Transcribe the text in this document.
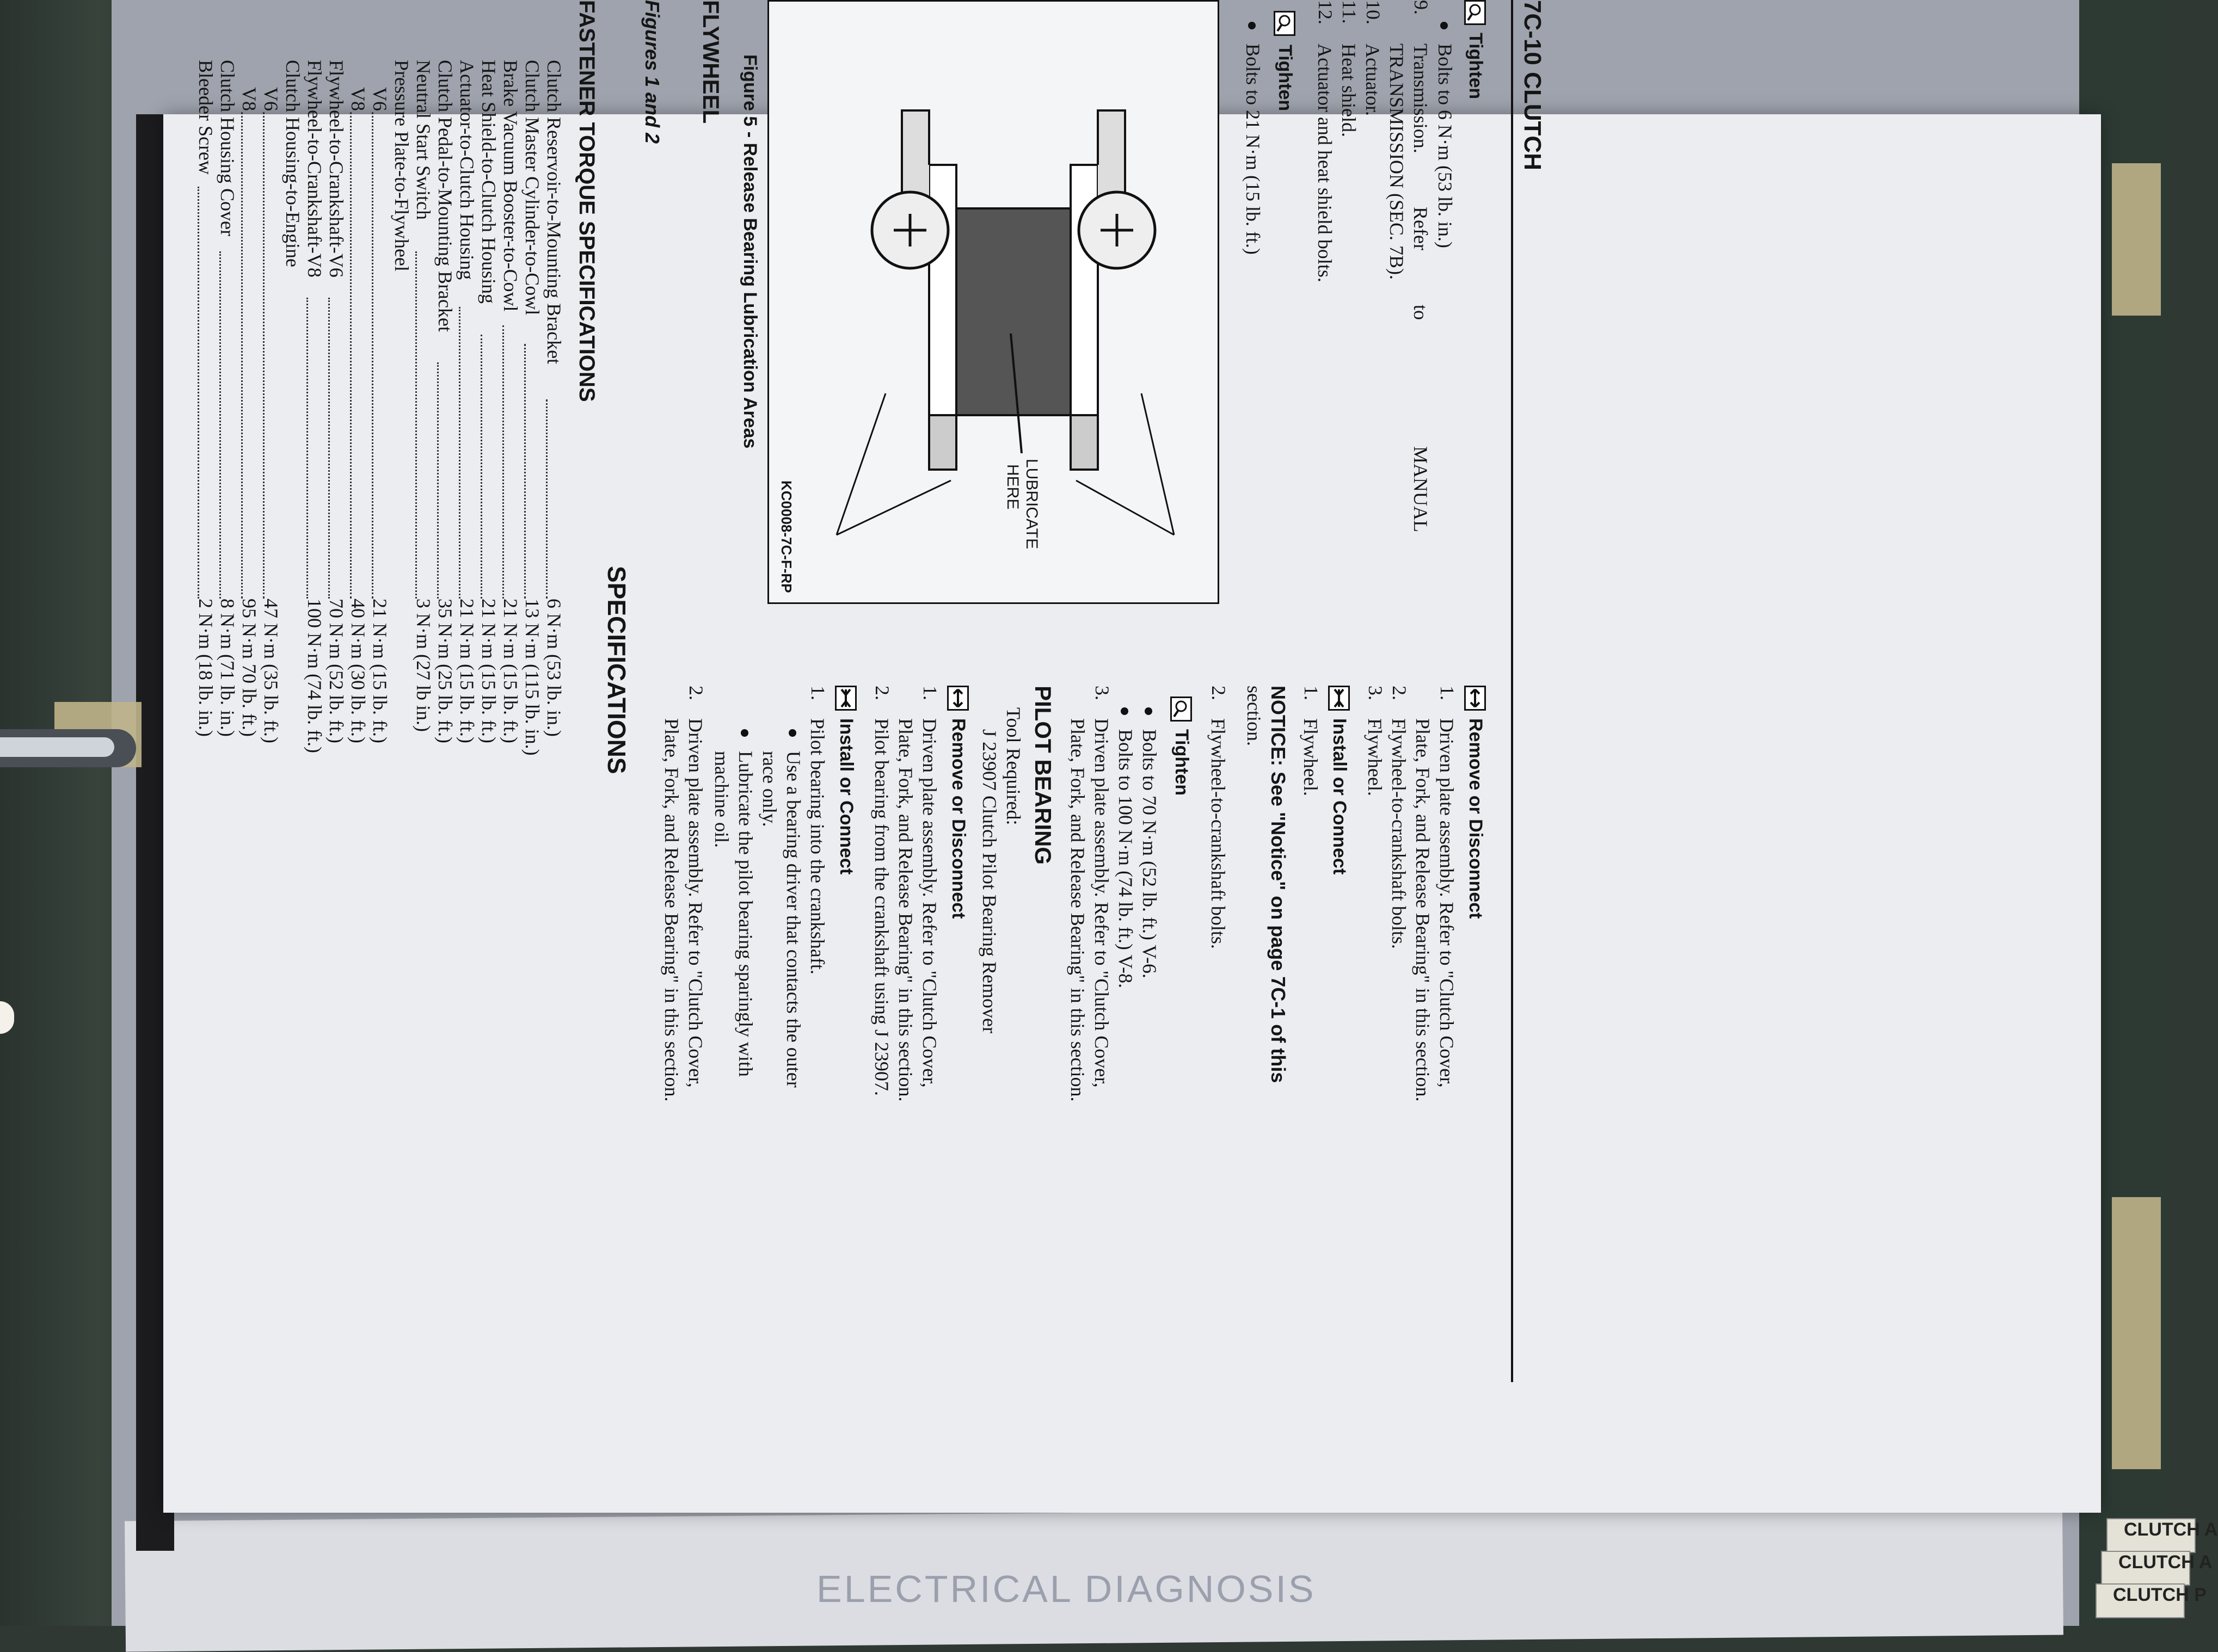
ELECTRICAL DIAGNOSIS
CLUTCH A
CLUTCH A
CLUTCH P
7C-10 CLUTCH
Tighten
Bolts to 6 N·m (53 lb. in.)
9.
Transmission.
Refer
to
MANUAL
TRANSMISSION (SEC. 7B).
10.
Actuator.
11.
Heat shield.
12.
Actuator and heat shield bolts.
Tighten
Bolts to 21 N·m (15 lb. ft.)
LUBRICATE
HERE
KC0008-7C-F-RP
Figure 5 - Release Bearing Lubrication Areas
FLYWHEEL
Figures 1 and 2
Remove or Disconnect
1.
Driven plate assembly. Refer to "Clutch Cover,
Plate, Fork, and Release Bearing" in this section.
2.
Flywheel-to-crankshaft bolts.
3.
Flywheel.
Install or Connect
1.
Flywheel.
NOTICE: See "Notice" on page 7C-1 of this
section.
2.
Flywheel-to-crankshaft bolts.
Tighten
Bolts to 70 N·m (52 lb. ft.) V-6.
Bolts to 100 N·m (74 lb. ft.) V-8.
3.
Driven plate assembly. Refer to "Clutch Cover,
Plate, Fork, and Release Bearing" in this section.
PILOT BEARING
Tool Required:
J 23907 Clutch Pilot Bearing Remover
Remove or Disconnect
1.
Driven plate assembly. Refer to "Clutch Cover,
Plate, Fork, and Release Bearing" in this section.
2.
Pilot bearing from the crankshaft using J 23907.
Install or Connect
1.
Pilot bearing into the crankshaft.
Use a bearing driver that contacts the outer
race only.
Lubricate the pilot bearing sparingly with
machine oil.
2.
Driven plate assembly. Refer to "Clutch Cover,
Plate, Fork, and Release Bearing" in this section.
SPECIFICATIONS
FASTENER TORQUE SPECIFICATIONS
Clutch Reservoir-to-Mounting Bracket
6 N·m (53 lb. in.)
Clutch Master Cylinder-to-Cowl
13 N·m (115 lb. in.)
Brake Vacuum Booster-to-Cowl
21 N·m (15 lb. ft.)
Heat Shield-to-Clutch Housing
21 N·m (15 lb. ft.)
Actuator-to-Clutch Housing
21 N·m (15 lb. ft.)
Clutch Pedal-to-Mounting Bracket
35 N·m (25 lb. ft.)
Neutral Start Switch
3 N·m (27 lb in.)
Pressure Plate-to-Flywheel
V6
21 N·m (15 lb. ft.)
V8
40 N·m (30 lb. ft.)
Flywheel-to-Crankshaft-V6
70 N·m (52 lb. ft.)
Flywheel-to-Crankshaft-V8
100 N·m (74 lb. ft.)
Clutch Housing-to-Engine
V6
47 N·m (35 lb. ft.)
V8
95 N·m 70 lb. ft.)
Clutch Housing Cover
8 N·m (71 lb. in.)
Bleeder Screw
2 N·m (18 lb. in.)
